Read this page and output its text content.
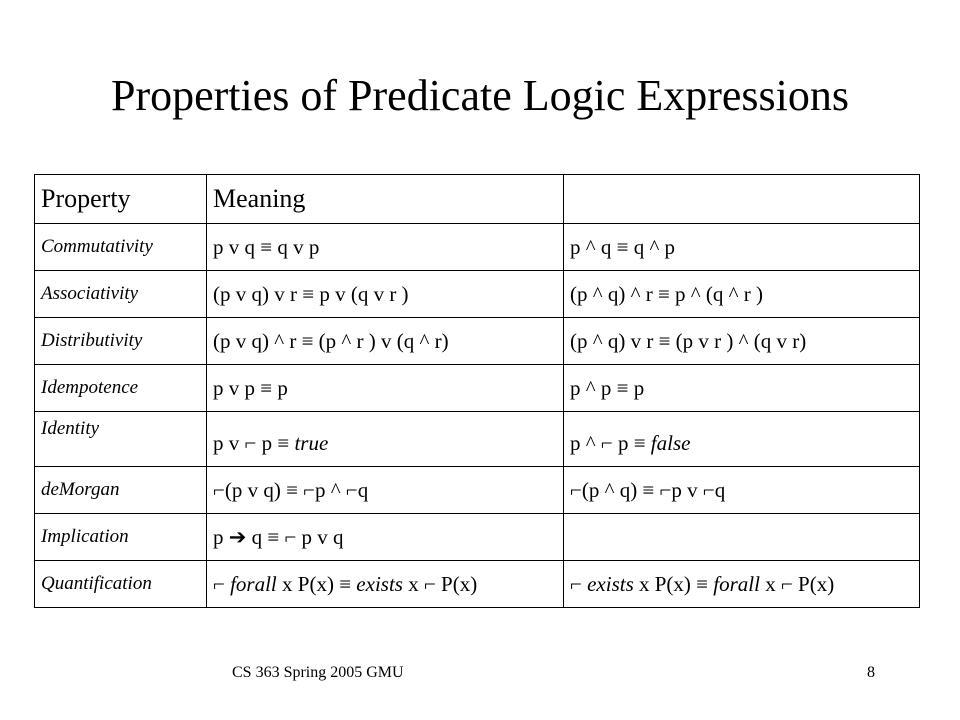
Properties of Predicate Logic Expressions
Property	Meaning	
Commutativity	p v q ≡ q v p	p ^ q ≡ q ^ p
Associativity	(p v q) v r ≡ p v (q v r )	(p ^ q) ^ r ≡ p ^ (q ^ r )
Distributivity	(p v q) ^ r ≡ (p ^ r ) v (q ^ r)	(p ^ q) v r ≡ (p v r ) ^ (q v r)
Idempotence	p v p ≡ p	p ^ p ≡ p
Identity	p v ⌐ p ≡ true	p ^ ⌐ p ≡ false
deMorgan	⌐(p v q) ≡ ⌐p ^ ⌐q	⌐(p ^ q) ≡ ⌐p v ⌐q
Implication	p ➔ q ≡ ⌐ p v q	
Quantification	⌐ forall x P(x) ≡ exists x ⌐ P(x)	⌐ exists x P(x) ≡ forall x ⌐ P(x)
CS 363 Spring 2005 GMU	8
